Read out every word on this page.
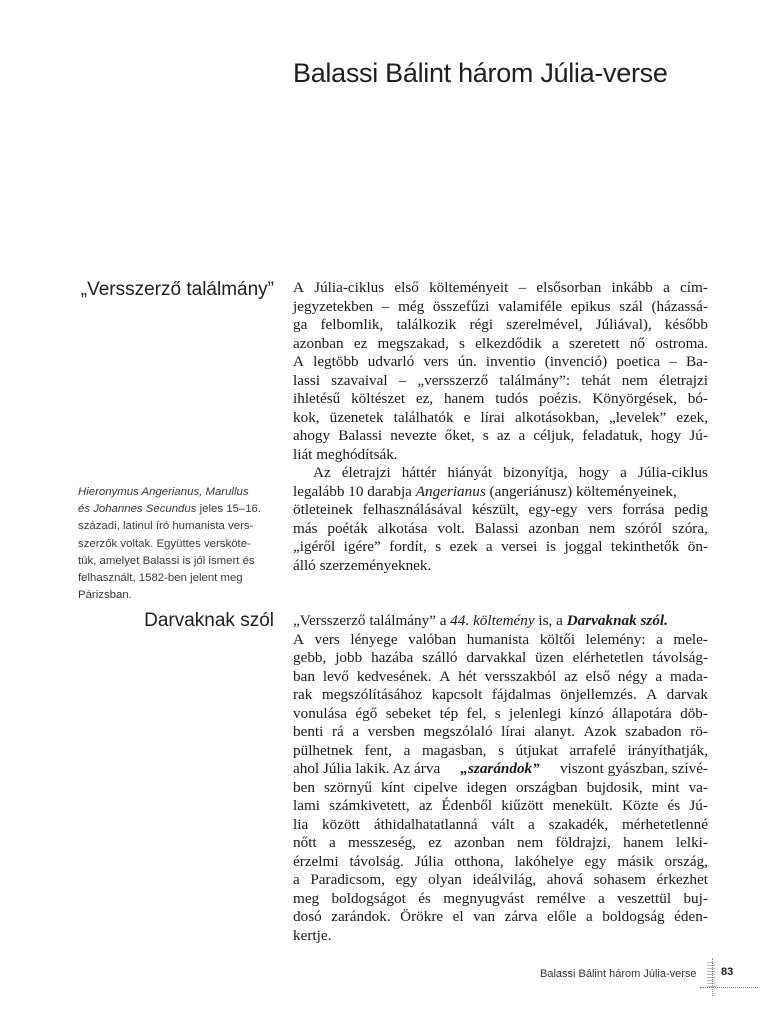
Balassi Bálint három Júlia-verse
„Versszerző találmány”
Hieronymus Angerianus, Marullus
és Johannes Secundus jeles 15–16.
századi, latinul író humanista vers-
szerzők voltak. Együttes versköte-
tük, amelyet Balassi is jól ismert és
felhasznált, 1582-ben jelent meg
Párizsban.
A Júlia-ciklus első költeményeit – elsősorban inkább a cím-
jegyzetekben – még összefűzi valamiféle epikus szál (házassá-
ga felbomlik, találkozik régi szerelmével, Júliával), később
azonban ez megszakad, s elkezdődik a szeretett nő ostroma.
A legtöbb udvarló vers ún. inventio (invenció) poetica – Ba-
lassi szavaival – „versszerző találmány”: tehát nem életrajzi
ihletésű költészet ez, hanem tudós poézis. Könyörgések, bó-
kok, üzenetek találhatók e lírai alkotásokban, „levelek” ezek,
ahogy Balassi nevezte őket, s az a céljuk, feladatuk, hogy Jú-
liát meghódítsák.
Az életrajzi háttér hiányát bizonyítja, hogy a Júlia-ciklus
legalább 10 darabja Angerianus (angeriánusz) költeményeinek,
ötleteinek felhasználásával készült, egy-egy vers forrása pedig
más poéták alkotása volt. Balassi azonban nem szóról szóra,
„igéről igére” fordít, s ezek a versei is joggal tekinthetők ön-
álló szerzeményeknek.
Darvaknak szól „Versszerző találmány” a
44. költemény
is, a
Darvaknak szól.
A vers lényege valóban humanista költői lelemény: a mele-
gebb, jobb hazába szálló darvakkal üzen elérhetetlen távolság-
ban levő kedvesének. A hét versszakból az első négy a mada-
rak megszólításához kapcsolt fájdalmas önjellemzés. A darvak
vonulása égő sebeket tép fel, s jelenlegi kínzó állapotára döb-
benti rá a versben megszólaló lírai alanyt. Azok szabadon rö-
pülhetnek fent, a magasban, s útjukat arrafelé irányíthatják,
ahol Júlia lakik. Az árva „szarándok” viszont gyászban, szívé-
ben szörnyű kínt cipelve idegen országban bujdosik, mint va-
lami számkivetett, az Édenből kiűzött menekült. Közte és Jú-
lia között áthidalhatatlanná vált a szakadék, mérhetetlenné
nőtt a messzeség, ez azonban nem földrajzi, hanem lelki-
érzelmi távolság. Júlia otthona, lakóhelye egy másik ország,
a Paradicsom, egy olyan ideálvilág, ahová sohasem érkezhet
meg boldogságot és megnyugvást remélve a veszettül buj-
dosó zarándok. Örökre el van zárva előle a boldogság éden-
kertje.
Balassi Bálint három Júlia-verse 83
